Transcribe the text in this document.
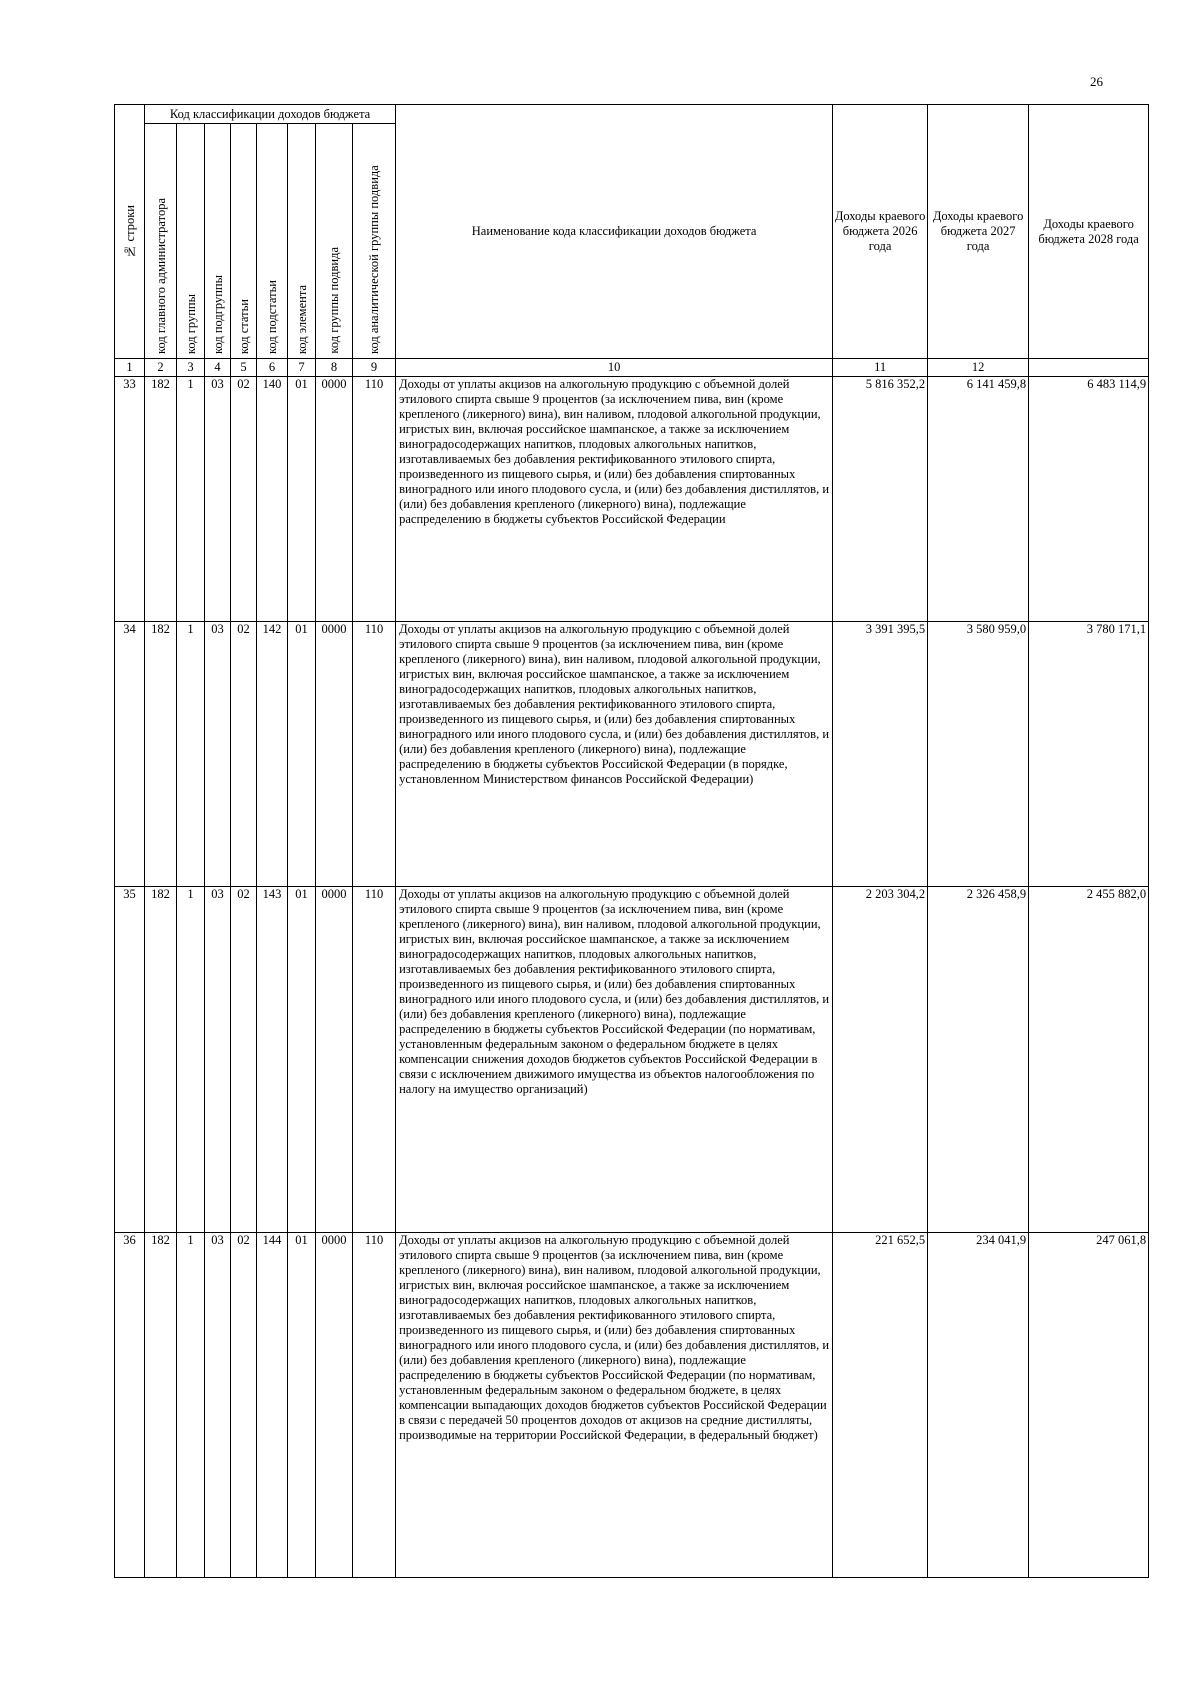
26
№ строки	Код классификации доходов бюджета								Наименование кода классификации доходов бюджета	Доходы краевого бюджета 2026 года	Доходы краевого бюджета 2027 года	Доходы краевого бюджета 2028 года

	код главного администратора	код группы	код подгруппы	код статьи	код подстатьи	код элемента	код группы подвида	код аналитической группы подвида				

1	2	3	4	5	6	7	8	9	10	11	12	
33	182	1	03	02	140	01	0000	110	Доходы от уплаты акцизов на алкогольную продукцию с объемной долей этилового спирта свыше 9 процентов (за исключением пива, вин (кроме крепленого (ликерного) вина), вин наливом, плодовой алкогольной продукции, игристых вин, включая российское шампанское, а также за исключением виноградосодержащих напитков, плодовых алкогольных напитков, изготавливаемых без добавления ректификованного этилового спирта, произведенного из пищевого сырья, и (или) без добавления спиртованных виноградного или иного плодового сусла, и (или) без добавления дистиллятов, и (или) без добавления крепленого (ликерного) вина), подлежащие распределению в бюджеты субъектов Российской Федерации	5 816 352,2	6 141 459,8	6 483 114,9
34	182	1	03	02	142	01	0000	110	Доходы от уплаты акцизов на алкогольную продукцию с объемной долей этилового спирта свыше 9 процентов (за исключением пива, вин (кроме крепленого (ликерного) вина), вин наливом, плодовой алкогольной продукции, игристых вин, включая российское шампанское, а также за исключением виноградосодержащих напитков, плодовых алкогольных напитков, изготавливаемых без добавления ректификованного этилового спирта, произведенного из пищевого сырья, и (или) без добавления спиртованных виноградного или иного плодового сусла, и (или) без добавления дистиллятов, и (или) без добавления крепленого (ликерного) вина), подлежащие распределению в бюджеты субъектов Российской Федерации (в порядке, установленном Министерством финансов Российской Федерации)	3 391 395,5	3 580 959,0	3 780 171,1
35	182	1	03	02	143	01	0000	110	Доходы от уплаты акцизов на алкогольную продукцию с объемной долей этилового спирта свыше 9 процентов (за исключением пива, вин (кроме крепленого (ликерного) вина), вин наливом, плодовой алкогольной продукции, игристых вин, включая российское шампанское, а также за исключением виноградосодержащих напитков, плодовых алкогольных напитков, изготавливаемых без добавления ректификованного этилового спирта, произведенного из пищевого сырья, и (или) без добавления спиртованных виноградного или иного плодового сусла, и (или) без добавления дистиллятов, и (или) без добавления крепленого (ликерного) вина), подлежащие распределению в бюджеты субъектов Российской Федерации (по нормативам, установленным федеральным законом о федеральном бюджете в целях компенсации снижения доходов бюджетов субъектов Российской Федерации в связи с исключением движимого имущества из объектов налогообложения по налогу на имущество организаций)	2 203 304,2	2 326 458,9	2 455 882,0
36	182	1	03	02	144	01	0000	110	Доходы от уплаты акцизов на алкогольную продукцию с объемной долей этилового спирта свыше 9 процентов (за исключением пива, вин (кроме крепленого (ликерного) вина), вин наливом, плодовой алкогольной продукции, игристых вин, включая российское шампанское, а также за исключением виноградосодержащих напитков, плодовых алкогольных напитков, изготавливаемых без добавления ректификованного этилового спирта, произведенного из пищевого сырья, и (или) без добавления спиртованных виноградного или иного плодового сусла, и (или) без добавления дистиллятов, и (или) без добавления крепленого (ликерного) вина), подлежащие распределению в бюджеты субъектов Российской Федерации (по нормативам, установленным федеральным законом о федеральном бюджете, в целях компенсации выпадающих доходов бюджетов субъектов Российской Федерации в связи с передачей 50 процентов доходов от акцизов на средние дистилляты, производимые на территории Российской Федерации, в федеральный бюджет)	221 652,5	234 041,9	247 061,8
